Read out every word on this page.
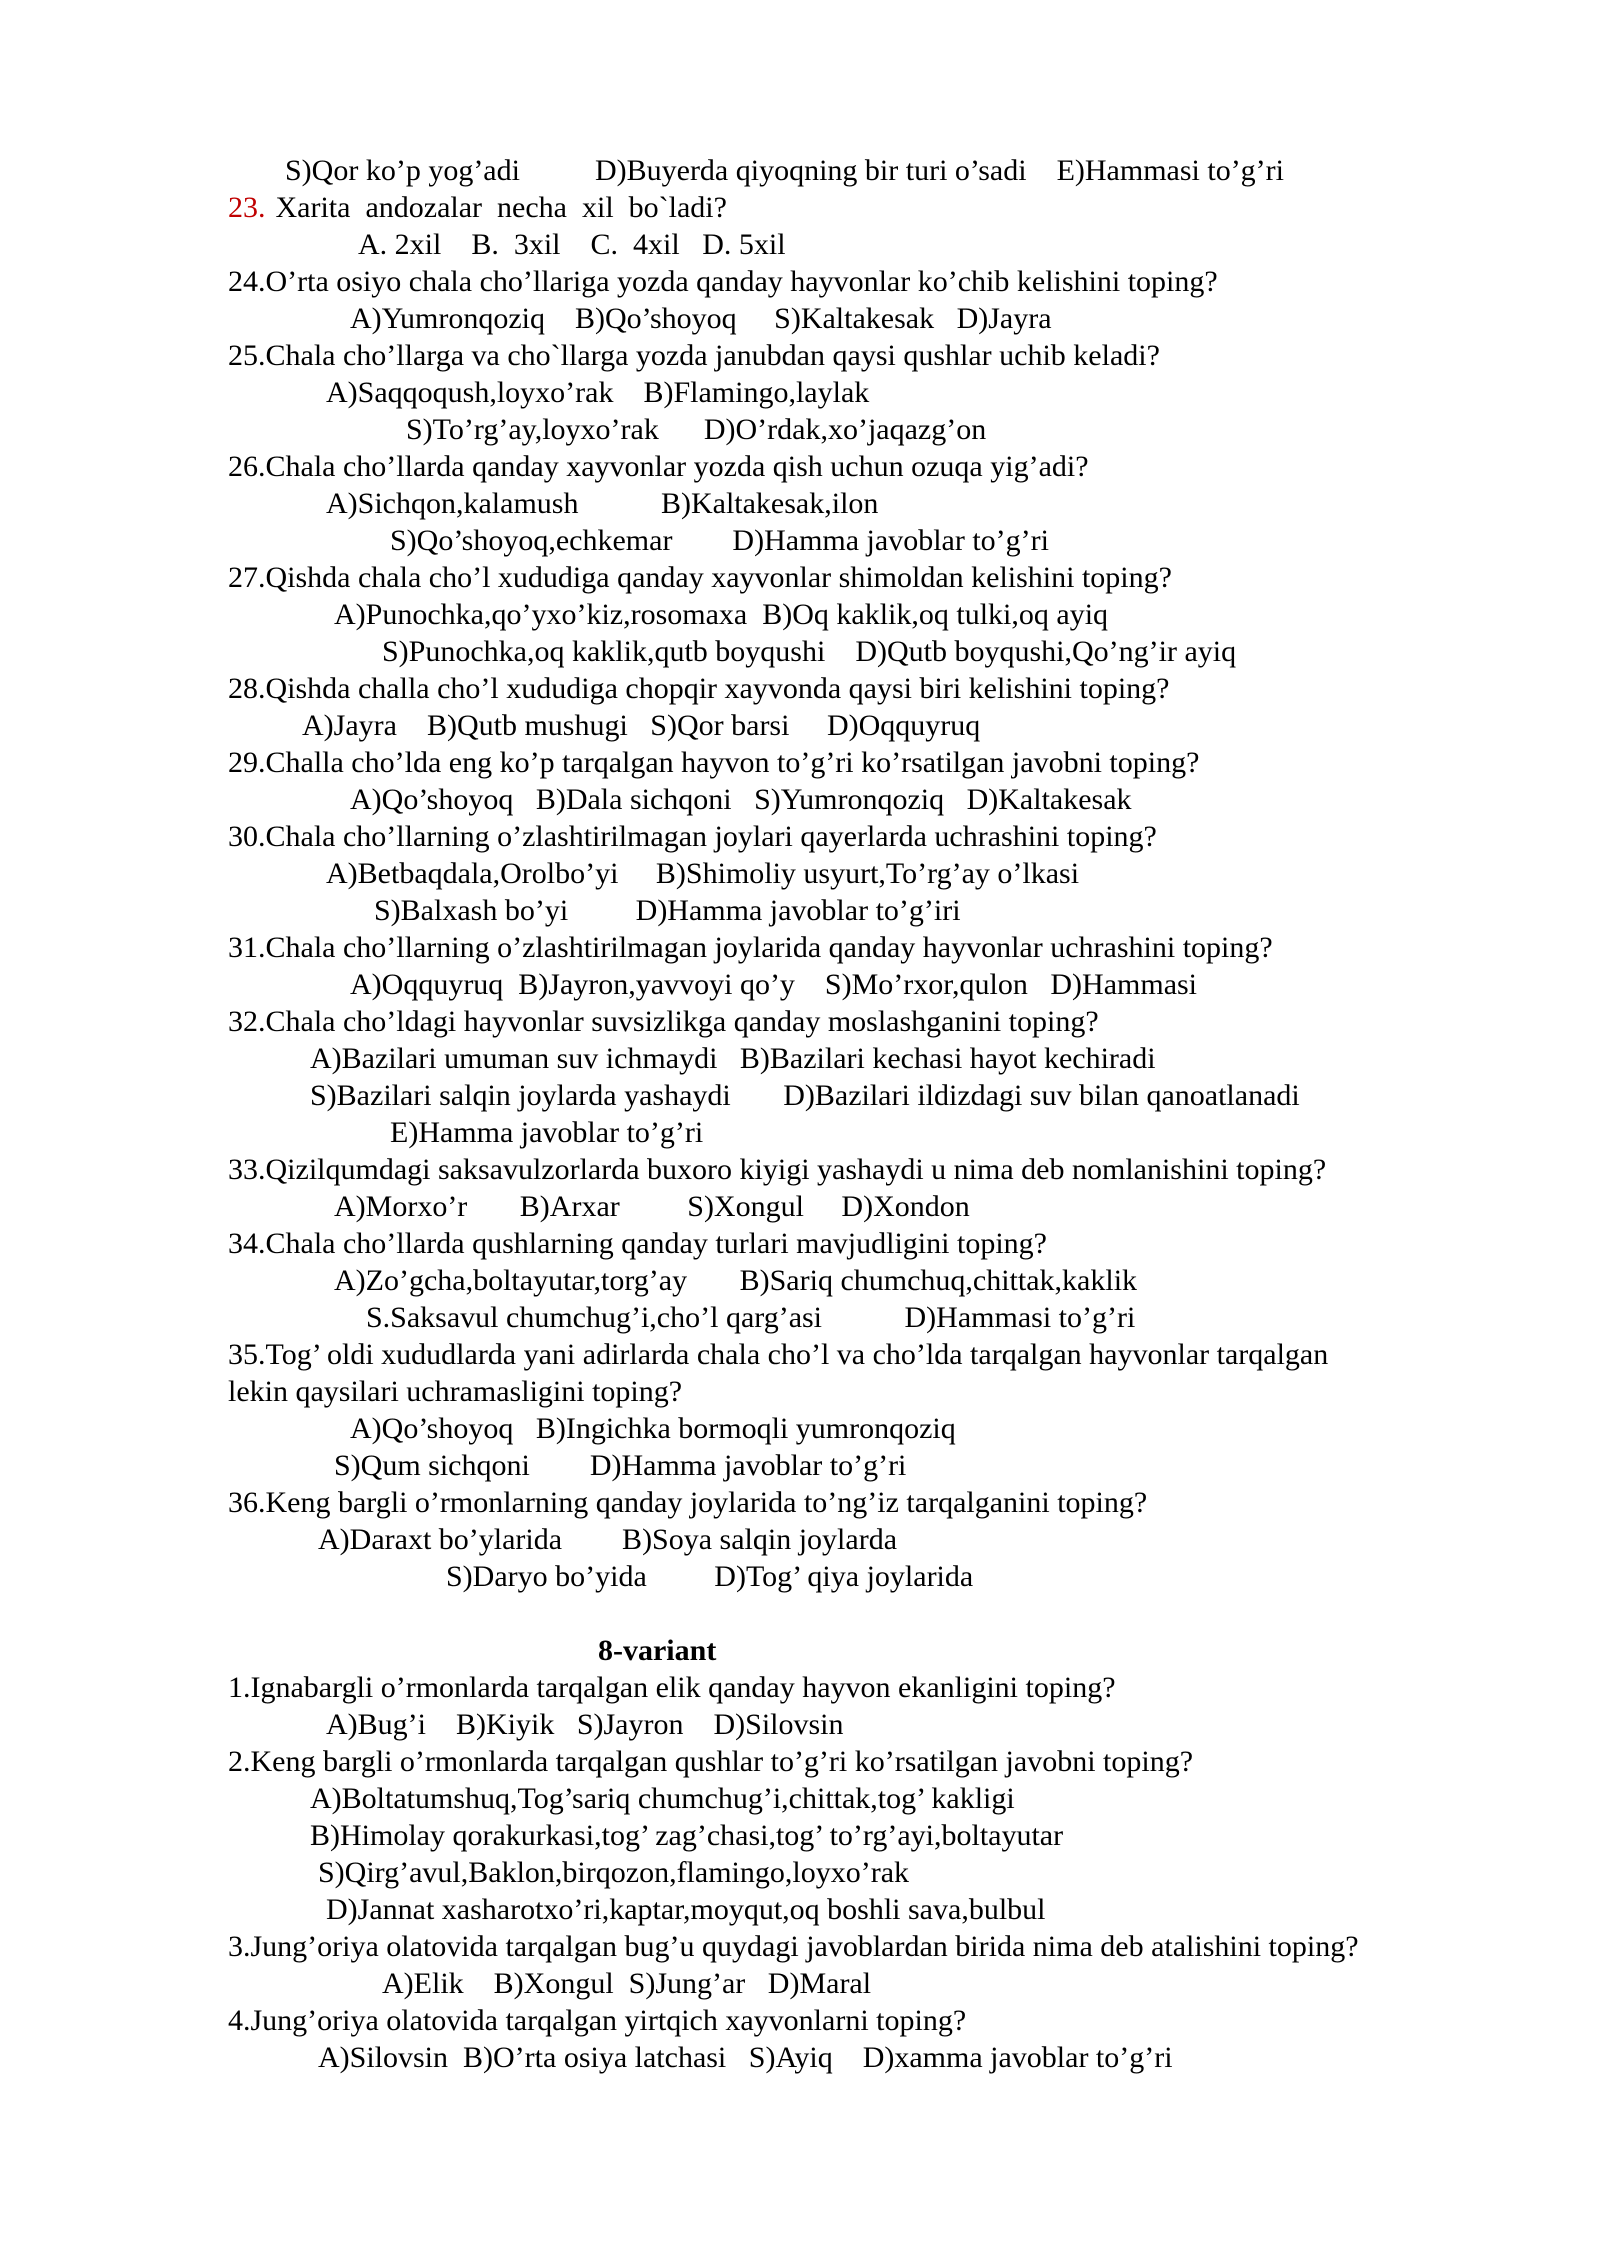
S)Qor ko’p yog’adi          D)Buyerda qiyoqning bir turi o’sadi    E)Hammasi to’g’ri
23. Xarita  andozalar  necha  xil  bo`ladi?
A. 2xil    B.  3xil    C.  4xil   D. 5xil
24.O’rta osiyo chala cho’llariga yozda qanday hayvonlar ko’chib kelishini toping?
A)Yumronqoziq    B)Qo’shoyoq     S)Kaltakesak   D)Jayra
25.Chala cho’llarga va cho`llarga yozda janubdan qaysi qushlar uchib keladi?
A)Saqqoqush,loyxo’rak    B)Flamingo,laylak
S)To’rg’ay,loyxo’rak      D)O’rdak,xo’jaqazg’on
26.Chala cho’llarda qanday xayvonlar yozda qish uchun ozuqa yig’adi?
A)Sichqon,kalamush           B)Kaltakesak,ilon
S)Qo’shoyoq,echkemar        D)Hamma javoblar to’g’ri
27.Qishda chala cho’l xududiga qanday xayvonlar shimoldan kelishini toping?
A)Punochka,qo’yxo’kiz,rosomaxa  B)Oq kaklik,oq tulki,oq ayiq
S)Punochka,oq kaklik,qutb boyqushi    D)Qutb boyqushi,Qo’ng’ir ayiq
28.Qishda challa cho’l xududiga chopqir xayvonda qaysi biri kelishini toping?
A)Jayra    B)Qutb mushugi   S)Qor barsi     D)Oqquyruq
29.Challa cho’lda eng ko’p tarqalgan hayvon to’g’ri ko’rsatilgan javobni toping?
A)Qo’shoyoq   B)Dala sichqoni   S)Yumronqoziq   D)Kaltakesak
30.Chala cho’llarning o’zlashtirilmagan joylari qayerlarda uchrashini toping?
A)Betbaqdala,Orolbo’yi     B)Shimoliy usyurt,To’rg’ay o’lkasi
S)Balxash bo’yi         D)Hamma javoblar to’g’iri
31.Chala cho’llarning o’zlashtirilmagan joylarida qanday hayvonlar uchrashini toping?
A)Oqquyruq  B)Jayron,yavvoyi qo’y    S)Mo’rxor,qulon   D)Hammasi
32.Chala cho’ldagi hayvonlar suvsizlikga qanday moslashganini toping?
A)Bazilari umuman suv ichmaydi   B)Bazilari kechasi hayot kechiradi
S)Bazilari salqin joylarda yashaydi       D)Bazilari ildizdagi suv bilan qanoatlanadi
E)Hamma javoblar to’g’ri
33.Qizilqumdagi saksavulzorlarda buxoro kiyigi yashaydi u nima deb nomlanishini toping?
A)Morxo’r       B)Arxar         S)Xongul     D)Xondon
34.Chala cho’llarda qushlarning qanday turlari mavjudligini toping?
A)Zo’gcha,boltayutar,torg’ay       B)Sariq chumchuq,chittak,kaklik
S.Saksavul chumchug’i,cho’l qarg’asi           D)Hammasi to’g’ri
35.Tog’ oldi xududlarda yani adirlarda chala cho’l va cho’lda tarqalgan hayvonlar tarqalgan
lekin qaysilari uchramasligini toping?
A)Qo’shoyoq   B)Ingichka bormoqli yumronqoziq
S)Qum sichqoni        D)Hamma javoblar to’g’ri
36.Keng bargli o’rmonlarning qanday joylarida to’ng’iz tarqalganini toping?
A)Daraxt bo’ylarida        B)Soya salqin joylarda
S)Daryo bo’yida         D)Tog’ qiya joylarida
8-variant
1.Ignabargli o’rmonlarda tarqalgan elik qanday hayvon ekanligini toping?
A)Bug’i    B)Kiyik   S)Jayron    D)Silovsin
2.Keng bargli o’rmonlarda tarqalgan qushlar to’g’ri ko’rsatilgan javobni toping?
A)Boltatumshuq,Tog’sariq chumchug’i,chittak,tog’ kakligi
B)Himolay qorakurkasi,tog’ zag’chasi,tog’ to’rg’ayi,boltayutar
S)Qirg’avul,Baklon,birqozon,flamingo,loyxo’rak
D)Jannat xasharotxo’ri,kaptar,moyqut,oq boshli sava,bulbul
3.Jung’oriya olatovida tarqalgan bug’u quydagi javoblardan birida nima deb atalishini toping?
A)Elik    B)Xongul  S)Jung’ar   D)Maral
4.Jung’oriya olatovida tarqalgan yirtqich xayvonlarni toping?
A)Silovsin  B)O’rta osiya latchasi   S)Ayiq    D)xamma javoblar to’g’ri
